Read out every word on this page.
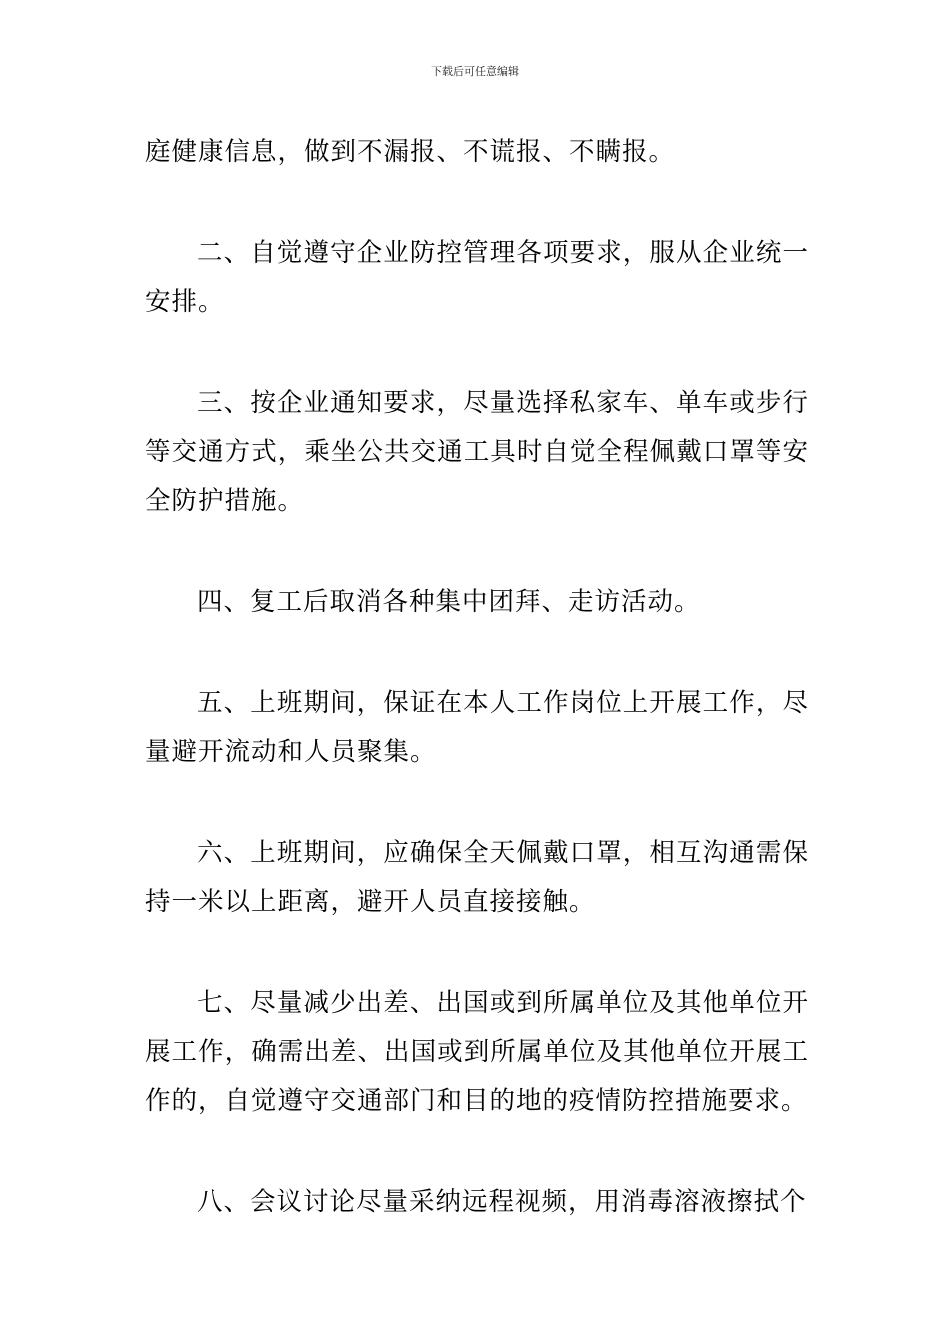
下载后可任意编辑

庭健康信息，做到不漏报、不谎报、不瞒报。

二、自觉遵守企业防控管理各项要求，服从企业统一安排。

三、按企业通知要求，尽量选择私家车、单车或步行等交通方式，乘坐公共交通工具时自觉全程佩戴口罩等安全防护措施。

四、复工后取消各种集中团拜、走访活动。

五、上班期间，保证在本人工作岗位上开展工作，尽量避开流动和人员聚集。

六、上班期间，应确保全天佩戴口罩，相互沟通需保持一米以上距离，避开人员直接接触。

七、尽量减少出差、出国或到所属单位及其他单位开展工作，确需出差、出国或到所属单位及其他单位开展工作的，自觉遵守交通部门和目的地的疫情防控措施要求。

八、会议讨论尽量采纳远程视频，用消毒溶液擦拭个
